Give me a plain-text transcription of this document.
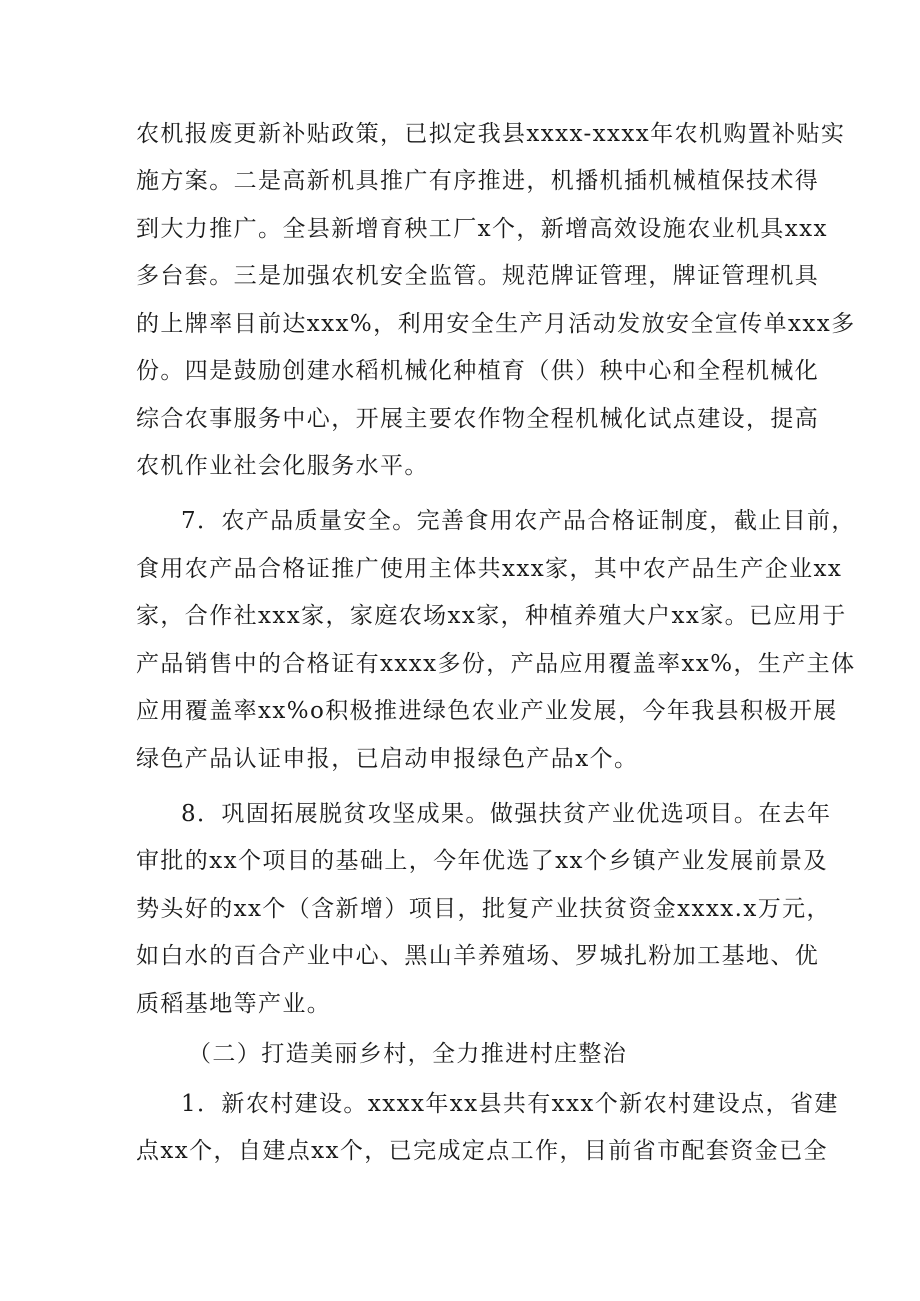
农机报废更新补贴政策，已拟定我县xxxx-xxxx年农机购置补贴实
施方案。二是高新机具推广有序推进，机播机插机械植保技术得
到大力推广。全县新增育秧工厂x个，新增高效设施农业机具xxx
多台套。三是加强农机安全监管。规范牌证管理，牌证管理机具
的上牌率目前达xxx%，利用安全生产月活动发放安全宣传单xxx多
份。四是鼓励创建水稻机械化种植育（供）秧中心和全程机械化
综合农事服务中心，开展主要农作物全程机械化试点建设，提高
农机作业社会化服务水平。
7．农产品质量安全。完善食用农产品合格证制度，截止目前，
食用农产品合格证推广使用主体共xxx家，其中农产品生产企业xx
家，合作社xxx家，家庭农场xx家，种植养殖大户xx家。已应用于
产品销售中的合格证有xxxx多份，产品应用覆盖率xx%，生产主体
应用覆盖率xx%o积极推进绿色农业产业发展，今年我县积极开展
绿色产品认证申报，已启动申报绿色产品x个。
8．巩固拓展脱贫攻坚成果。做强扶贫产业优选项目。在去年
审批的xx个项目的基础上，今年优选了xx个乡镇产业发展前景及
势头好的xx个（含新增）项目，批复产业扶贫资金xxxx.x万元，
如白水的百合产业中心、黑山羊养殖场、罗城扎粉加工基地、优
质稻基地等产业。
（二）打造美丽乡村，全力推进村庄整治
1．新农村建设。xxxx年xx县共有xxx个新农村建设点，省建
点xx个，自建点xx个，已完成定点工作，目前省市配套资金已全
